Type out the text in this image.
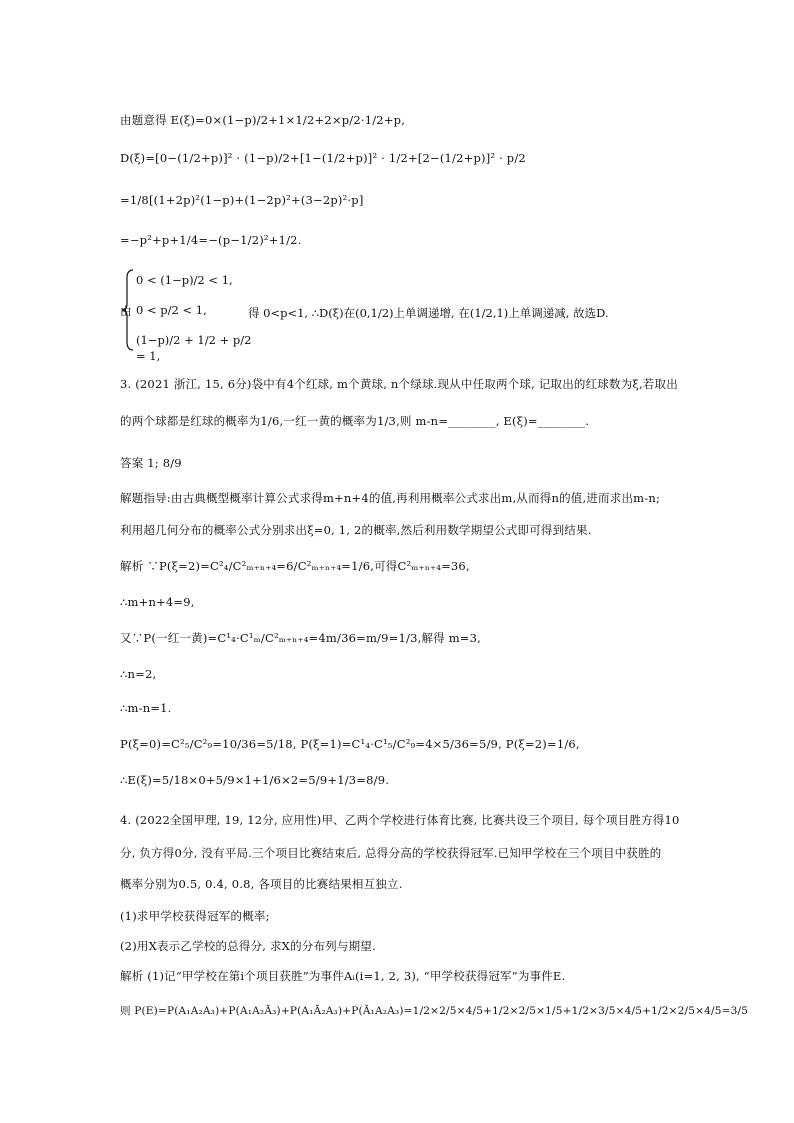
由题意得 E(ξ)=0×(1−p)/2+1×1/2+2×p/2·1/2+p,
D(ξ)=[0−(1/2+p)]² · (1−p)/2+[1−(1/2+p)]² · 1/2+[2−(1/2+p)]² · p/2
=1/8[(1+2p)²(1−p)+(1−2p)²+(3−2p)²·p]
=−p²+p+1/4=−(p−1/2)²+1/2.
由
0 < (1−p)/2 < 1,
0 < p/2 < 1,
(1−p)/2 + 1/2 + p/2 = 1,
得 0<p<1, ∴D(ξ)在(0,1/2)上单调递增, 在(1/2,1)上单调递减, 故选D.
3. (2021 浙江, 15, 6分)袋中有4个红球, m个黄球, n个绿球.现从中任取两个球, 记取出的红球数为ξ,若取出
的两个球都是红球的概率为1/6,一红一黄的概率为1/3,则 m-n=________, E(ξ)=________.
答案 1; 8/9
解题指导:由古典概型概率计算公式求得m+n+4的值,再利用概率公式求出m,从而得n的值,进而求出m-n;
利用超几何分布的概率公式分别求出ξ=0, 1, 2的概率,然后利用数学期望公式即可得到结果.
解析 ∵P(ξ=2)=C²₄/C²ₘ₊ₙ₊₄=6/C²ₘ₊ₙ₊₄=1/6,可得C²ₘ₊ₙ₊₄=36,
∴m+n+4=9,
又∵P(一红一黄)=C¹₄·C¹ₘ/C²ₘ₊ₙ₊₄=4m/36=m/9=1/3,解得 m=3,
∴n=2,
∴m-n=1.
P(ξ=0)=C²₅/C²₉=10/36=5/18, P(ξ=1)=C¹₄·C¹₅/C²₉=4×5/36=5/9, P(ξ=2)=1/6,
∴E(ξ)=5/18×0+5/9×1+1/6×2=5/9+1/3=8/9.
4. (2022全国甲理, 19, 12分, 应用性)甲、乙两个学校进行体育比赛, 比赛共设三个项目, 每个项目胜方得10
分, 负方得0分, 没有平局.三个项目比赛结束后, 总得分高的学校获得冠军.已知甲学校在三个项目中获胜的
概率分别为0.5, 0.4, 0.8, 各项目的比赛结果相互独立.
(1)求甲学校获得冠军的概率;
(2)用X表示乙学校的总得分, 求X的分布列与期望.
解析 (1)记“甲学校在第i个项目获胜”为事件Aᵢ(i=1, 2, 3), “甲学校获得冠军”为事件E.
则 P(E)=P(A₁A₂A₃)+P(A₁A₂Ā₃)+P(A₁Ā₂A₃)+P(Ā₁A₂A₃)=1/2×2/5×4/5+1/2×2/5×1/5+1/2×3/5×4/5+1/2×2/5×4/5=3/5
